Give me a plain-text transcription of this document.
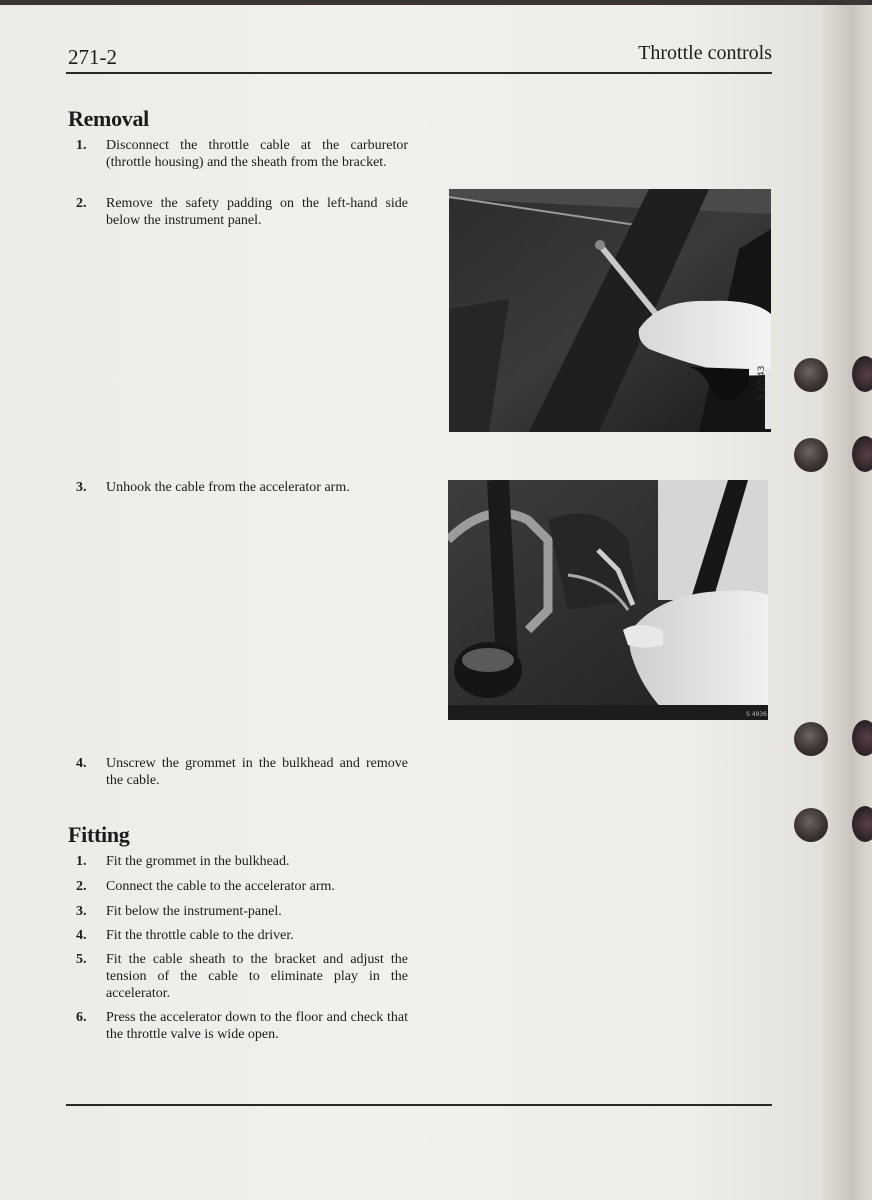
271-2	Throttle controls
Removal
1.	Disconnect the throttle cable at the carburetor (throttle housing) and the sheath from the bracket.
2.	Remove the safety padding on the left-hand side below the instrument panel.
3.	Unhook the cable from the accelerator arm.
4.	Unscrew the grommet in the bulkhead and remove the cable.
Fitting
1.	Fit the grommet in the bulkhead.
2.	Connect the cable to the accelerator arm.
3.	Fit below the instrument-panel.
4.	Fit the throttle cable to the driver.
5.	Fit the cable sheath to the bracket and adjust the tension of the cable to eliminate play in the accelerator.
6.	Press the accelerator down to the floor and check that the throttle valve is wide open.
S 2/143
S 4936
